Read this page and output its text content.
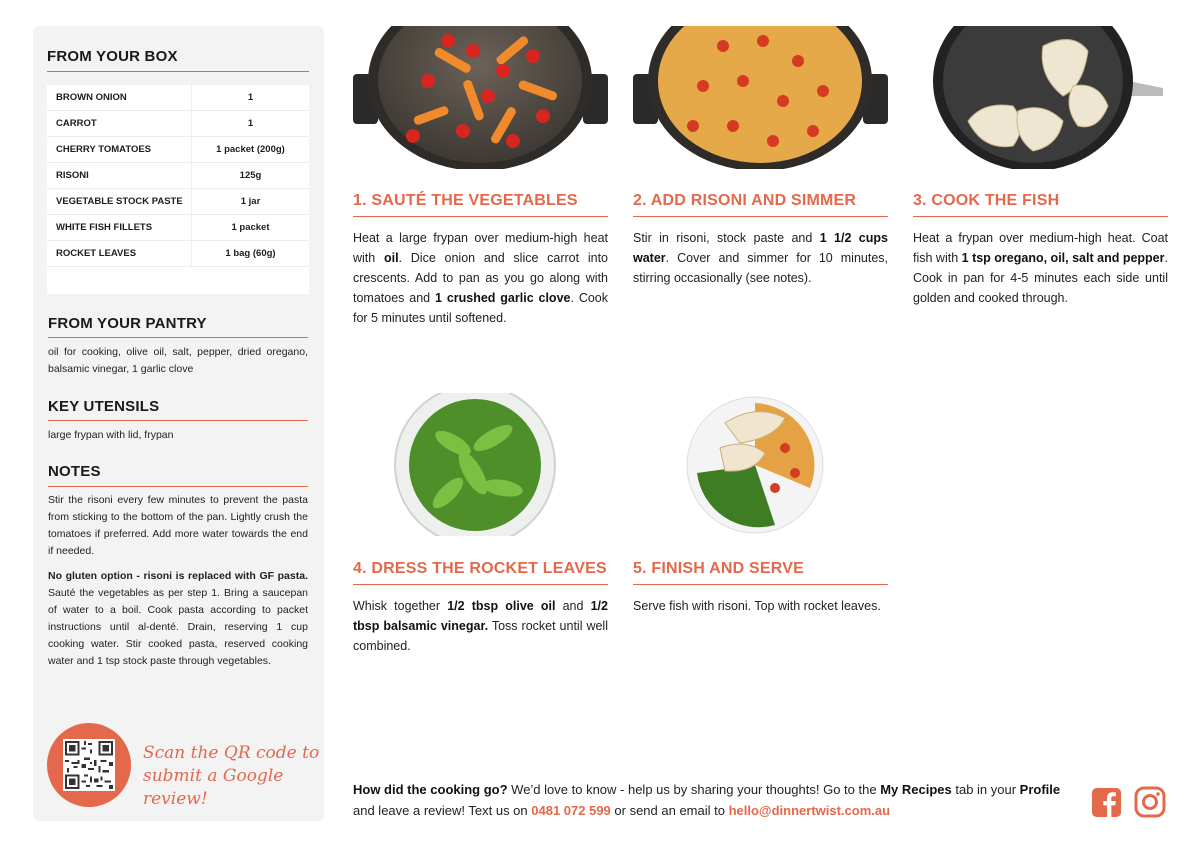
FROM YOUR BOX
BROWN ONION	1
CARROT	1
CHERRY TOMATOES	1 packet (200g)
RISONI	125g
VEGETABLE STOCK PASTE	1 jar
WHITE FISH FILLETS	1 packet
ROCKET LEAVES	1 bag (60g)
FROM YOUR PANTRY
oil for cooking, olive oil, salt, pepper, dried oregano, balsamic vinegar, 1 garlic clove
KEY UTENSILS
large frypan with lid, frypan
NOTES

Stir the risoni every few minutes to prevent the pasta from sticking to the bottom of the pan. Lightly crush the tomatoes if preferred. Add more water towards the end if needed.

No gluten option - risoni is replaced with GF pasta. Sauté the vegetables as per step 1. Bring a saucepan of water to a boil. Cook pasta according to packet instructions until al-denté. Drain, reserving 1 cup cooking water. Stir cooked pasta, reserved cooking water and 1 tsp stock paste through vegetables.

Scan the QR code to
submit a Google review!
1. SAUTÉ THE VEGETABLES
Heat a large frypan over medium-high heat with oil. Dice onion and slice carrot into crescents. Add to pan as you go along with tomatoes and 1 crushed garlic clove. Cook for 5 minutes until softened.
2. ADD RISONI AND SIMMER
Stir in risoni, stock paste and 1 1/2 cups water. Cover and simmer for 10 minutes, stirring occasionally (see notes).
3. COOK THE FISH
Heat a frypan over medium-high heat. Coat fish with 1 tsp oregano, oil, salt and pepper. Cook in pan for 4-5 minutes each side until golden and cooked through.
4. DRESS THE ROCKET LEAVES
Whisk together 1/2 tbsp olive oil and 1/2 tbsp balsamic vinegar. Toss rocket until well combined.
5. FINISH AND SERVE
Serve fish with risoni. Top with rocket leaves.
How did the cooking go? We’d love to know - help us by sharing your thoughts! Go to the My Recipes tab in your Profile and leave a review! Text us on 0481 072 599 or send an email to hello@dinnertwist.com.au
